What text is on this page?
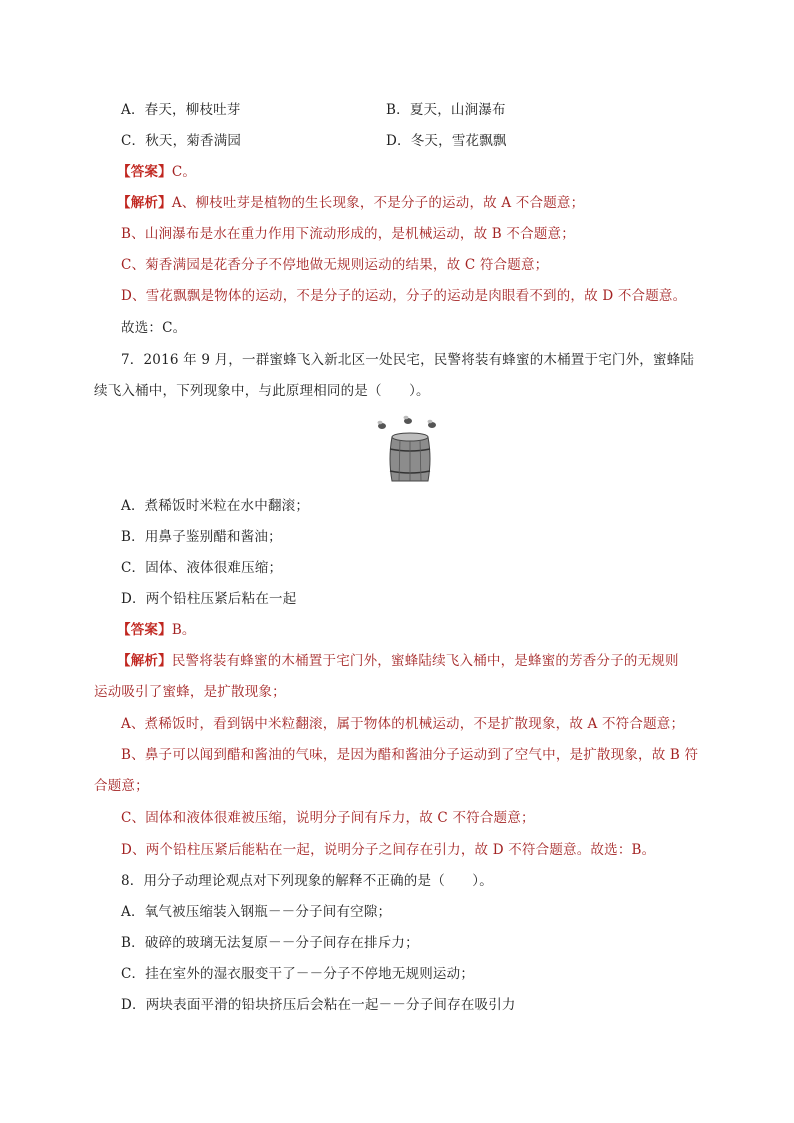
A．春天，柳枝吐芽	B．夏天，山涧瀑布
C．秋天，菊香满园	D．冬天，雪花飘飘
【答案】C。
【解析】A、柳枝吐芽是植物的生长现象，不是分子的运动，故 A 不合题意；
B、山涧瀑布是水在重力作用下流动形成的，是机械运动，故 B 不合题意；
C、菊香满园是花香分子不停地做无规则运动的结果，故 C 符合题意；
D、雪花飘飘是物体的运动，不是分子的运动，分子的运动是肉眼看不到的，故 D 不合题意。
故选：C。
7．2016 年 9 月，一群蜜蜂飞入新北区一处民宅，民警将装有蜂蜜的木桶置于宅门外，蜜蜂陆
续飞入桶中，下列现象中，与此原理相同的是（　　）。
A．煮稀饭时米粒在水中翻滚；
B．用鼻子鉴别醋和酱油；
C．固体、液体很难压缩；
D．两个铅柱压紧后粘在一起
【答案】B。
【解析】民警将装有蜂蜜的木桶置于宅门外，蜜蜂陆续飞入桶中，是蜂蜜的芳香分子的无规则
运动吸引了蜜蜂，是扩散现象；
A、煮稀饭时，看到锅中米粒翻滚，属于物体的机械运动，不是扩散现象，故 A 不符合题意；
B、鼻子可以闻到醋和酱油的气味，是因为醋和酱油分子运动到了空气中，是扩散现象，故 B 符
合题意；
C、固体和液体很难被压缩，说明分子间有斥力，故 C 不符合题意；
D、两个铅柱压紧后能粘在一起，说明分子之间存在引力，故 D 不符合题意。故选：B。
8．用分子动理论观点对下列现象的解释不正确的是（　　）。
A．氧气被压缩装入钢瓶－－分子间有空隙；
B．破碎的玻璃无法复原－－分子间存在排斥力；
C．挂在室外的湿衣服变干了－－分子不停地无规则运动；
D．两块表面平滑的铅块挤压后会粘在一起－－分子间存在吸引力
